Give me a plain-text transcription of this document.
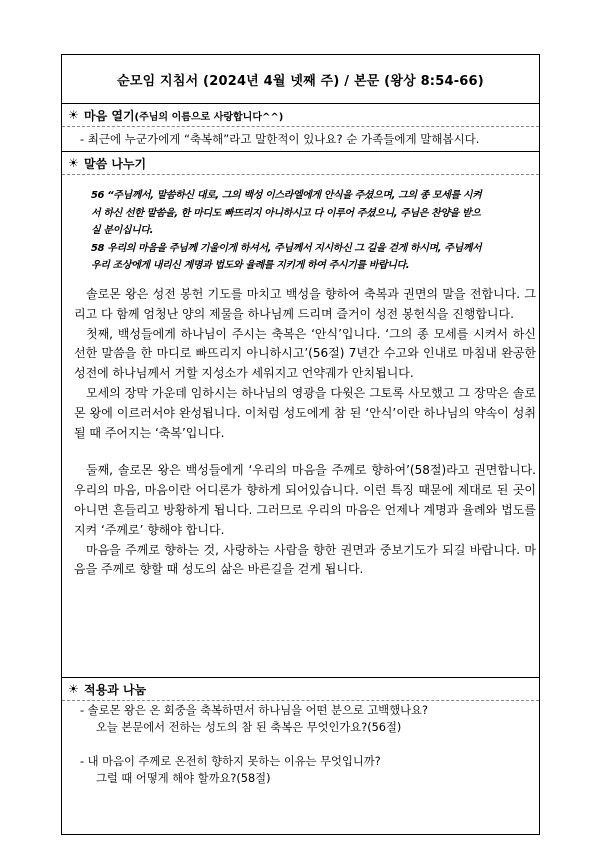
순모임 지침서 (2024년 4월 넷째 주) / 본문 (왕상 8:54-66)
☀ 마음 열기 (주님의 이름으로 사랑합니다^^)
- 최근에 누군가에게 “축복해”라고 말한적이 있나요? 순 가족들에게 말해봅시다.
☀ 말씀 나누기
56 “주님께서, 말씀하신 대로, 그의 백성 이스라엘에게 안식을 주셨으며, 그의 종 모세를 시켜
서 하신 선한 말씀을, 한 마디도 빠뜨리지 아니하시고 다 이루어 주셨으니, 주님은 찬양을 받으
실 분이십니다.
58 우리의 마음을 주님께 기울이게 하셔서, 주님께서 지시하신 그 길을 걷게 하시며, 주님께서
우리 조상에게 내리신 계명과 법도와 율례를 지키게 하여 주시기를 바랍니다.

솔로몬 왕은 성전 봉헌 기도를 마치고 백성을 향하여 축복과 권면의 말을 전합니다. 그리고 다 함께 엄청난 양의 제물을 하나님께 드리며 즐거이 성전 봉헌식을 진행합니다.

첫째, 백성들에게 하나님이 주시는 축복은 ‘안식’입니다. ‘그의 종 모세를 시켜서 하신 선한 말씀을 한 마디로 빠뜨리지 아니하시고’(56절) 7년간 수고와 인내로 마침내 완공한 성전에 하나님께서 거할 지성소가 세워지고 언약궤가 안치됩니다.

모세의 장막 가운데 임하시는 하나님의 영광을 다윗은 그토록 사모했고 그 장막은 솔로몬 왕에 이르러서야 완성됩니다. 이처럼 성도에게 참 된 ‘안식’이란 하나님의 약속이 성취될 때 주어지는 ‘축복’입니다.

둘째, 솔로몬 왕은 백성들에게 ‘우리의 마음을 주께로 향하여’(58절)라고 권면합니다. 우리의 마음, 마음이란 어디론가 향하게 되어있습니다. 이런 특징 때문에 제대로 된 곳이 아니면 흔들리고 방황하게 됩니다. 그러므로 우리의 마음은 언제나 계명과 율례와 법도를 지켜 ‘주께로’ 향해야 합니다.

마음을 주께로 향하는 것, 사랑하는 사람을 향한 권면과 중보기도가 되길 바랍니다. 마음을 주께로 향할 때 성도의 삶은 바른길을 걷게 됩니다.

☀ 적용과 나눔
- 솔로몬 왕은 온 회중을 축복하면서 하나님을 어떤 분으로 고백했나요?
오늘 본문에서 전하는 성도의 참 된 축복은 무엇인가요?(56절)
- 내 마음이 주께로 온전히 향하지 못하는 이유는 무엇입니까?
그럴 때 어떻게 해야 할까요?(58절)
